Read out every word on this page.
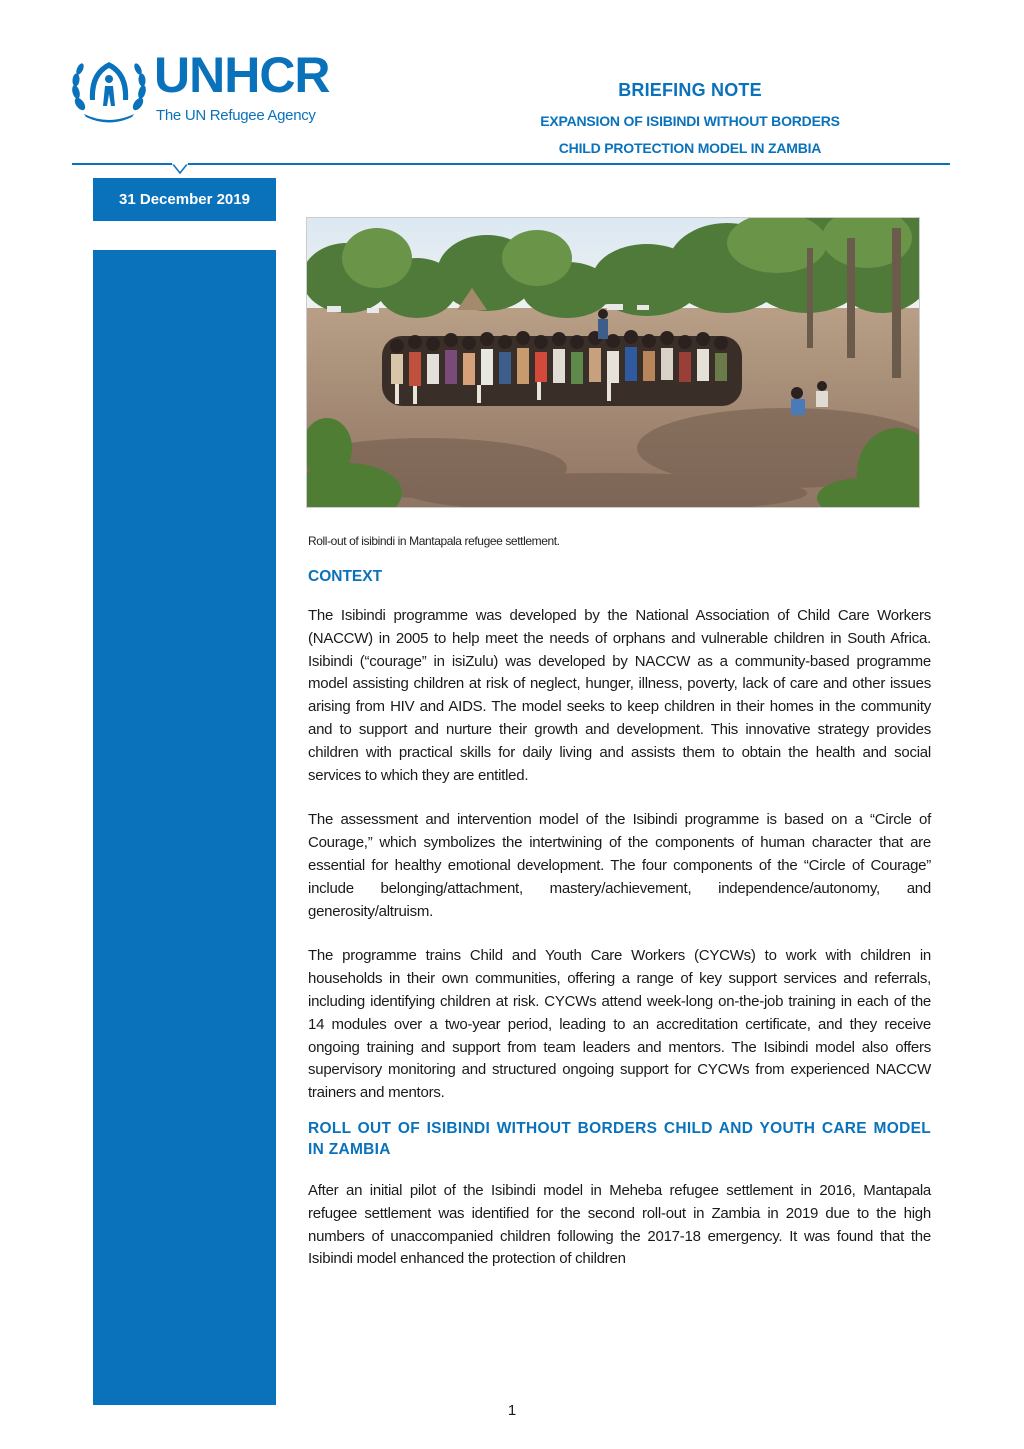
UNHCR
The UN Refugee Agency
BRIEFING NOTE
EXPANSION OF ISIBINDI WITHOUT BORDERS
CHILD PROTECTION MODEL IN ZAMBIA
31 December 2019
Roll-out of isibindi in Mantapala refugee settlement.
CONTEXT

The Isibindi programme was developed by the National Association of Child Care Workers (NACCW) in 2005 to help meet the needs of orphans and vulnerable children in South Africa. Isibindi (“courage” in isiZulu) was developed by NACCW as a community-based programme model assisting children at risk of neglect, hunger, illness, poverty, lack of care and other issues arising from HIV and AIDS. The model seeks to keep children in their homes in the community and to support and nurture their growth and development. This innovative strategy provides children with practical skills for daily living and assists them to obtain the health and social services to which they are entitled.

The assessment and intervention model of the Isibindi programme is based on a “Circle of Courage,” which symbolizes the intertwining of the components of human character that are essential for healthy emotional development. The four components of the “Circle of Courage” include belonging/attachment, mastery/achievement, independence/autonomy, and generosity/altruism.

The programme trains Child and Youth Care Workers (CYCWs) to work with children in households in their own communities, offering a range of key support services and referrals, including identifying children at risk. CYCWs attend week-long on-the-job training in each of the 14 modules over a two-year period, leading to an accreditation certificate, and they receive ongoing training and support from team leaders and mentors. The Isibindi model also offers supervisory monitoring and structured ongoing support for CYCWs from experienced NACCW trainers and mentors.

ROLL OUT OF ISIBINDI WITHOUT BORDERS CHILD AND YOUTH CARE MODEL IN ZAMBIA

After an initial pilot of the Isibindi model in Meheba refugee settlement in 2016, Mantapala refugee settlement was identified for the second roll-out in Zambia in 2019 due to the high numbers of unaccompanied children following the 2017-18 emergency. It was found that the Isibindi model enhanced the protection of children

1
